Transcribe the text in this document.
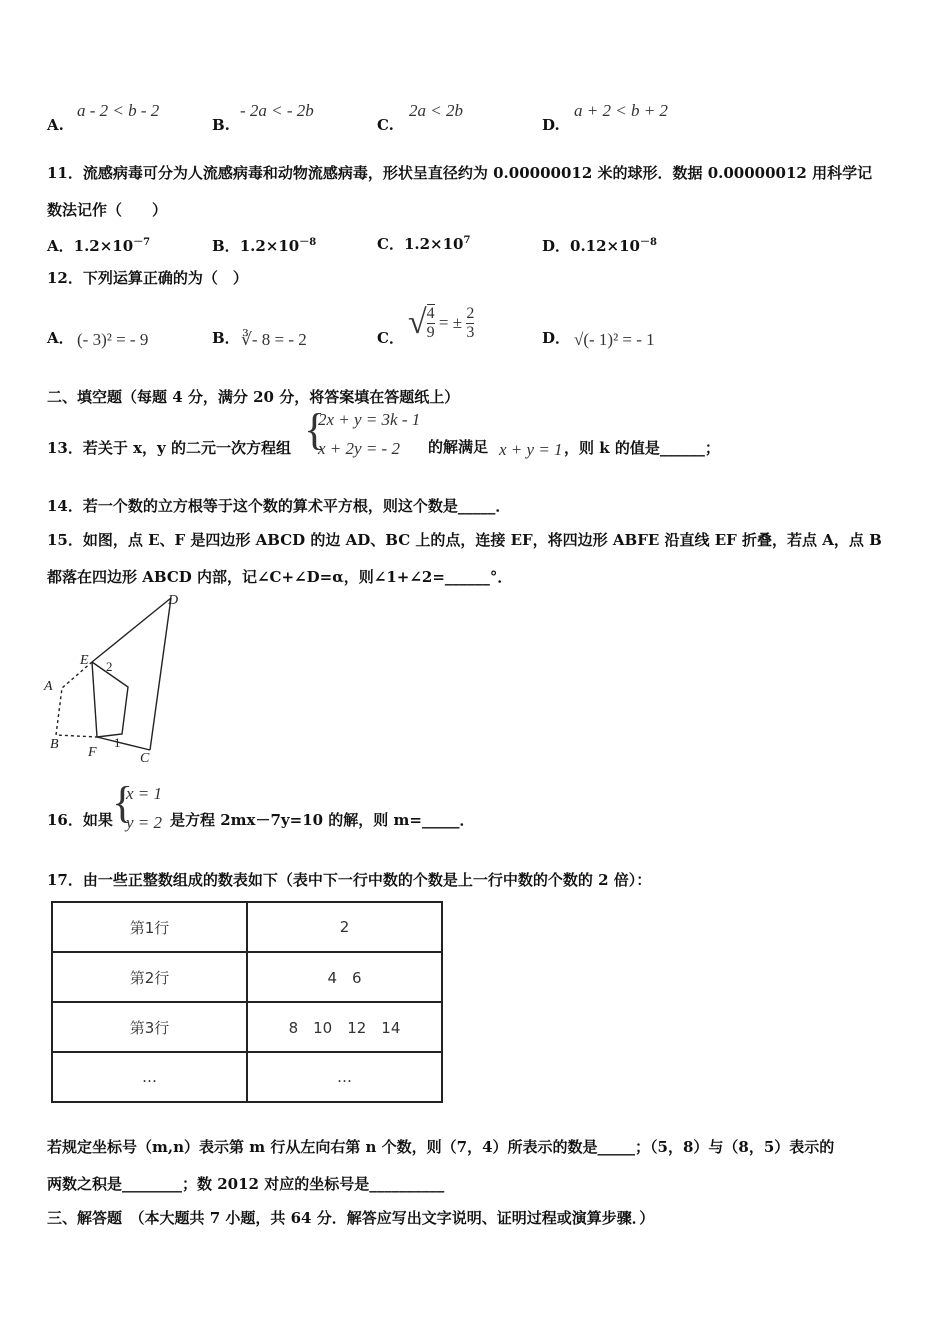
A.
a - 2 < b - 2
B.
- 2a < - 2b
C.
2a < 2b
D.
a + 2 < b + 2
11．流感病毒可分为人流感病毒和动物流感病毒，形状呈直径约为 0.00000012 米的球形．数据 0.00000012 用科学记
数法记作（　　）
A．$1.2\times 10^{-7}$	B．$1.2\times 10^{-8}$	C．$1.2\times 10^7$	D．$0.12\times 10^{-8}$
12．下列运算正确的为（　）
A． (- 3)² = - 9	B． ∛- 8 = - 2	C． √ $\frac{4}{9}$ = ± $\frac{2}{3}$	D． √(- 1)² = - 1
二、填空题（每题 4 分，满分 20 分，将答案填在答题纸上）
13．若关于 x，y 的二元一次方程组 {
2x + y = 3k - 1
x + 2y = - 2 的解满足 x + y = 1 ，则 k 的值是______；
14．若一个数的立方根等于这个数的算术平方根，则这个数是_____．
15．如图，点 E、F 是四边形 ABCD 的边 AD、BC 上的点，连接 EF，将四边形 ABFE 沿直线 EF 折叠，若点 A，点 B
都落在四边形 ABCD 内部，记∠C+∠D=α，则∠1+∠2=______°．
D
E
A
B
F	C
2
1
16．如果 {
x = 1
y = 2 是方程 2mx－7y=10 的解，则 m=_____．
17．由一些正整数组成的数表如下（表中下一行中数的个数是上一行中数的个数的 2 倍）：
第1行	2
第2行	4　6
第3行	8　10　12　14
…	…
若规定坐标号（m,n）表示第 m 行从左向右第 n 个数，则（7，4）所表示的数是_____；（5，8）与（8，5）表示的
两数之积是________；数 2012 对应的坐标号是__________
三、解答题　（本大题共 7 小题，共 64 分．解答应写出文字说明、证明过程或演算步骤．）
